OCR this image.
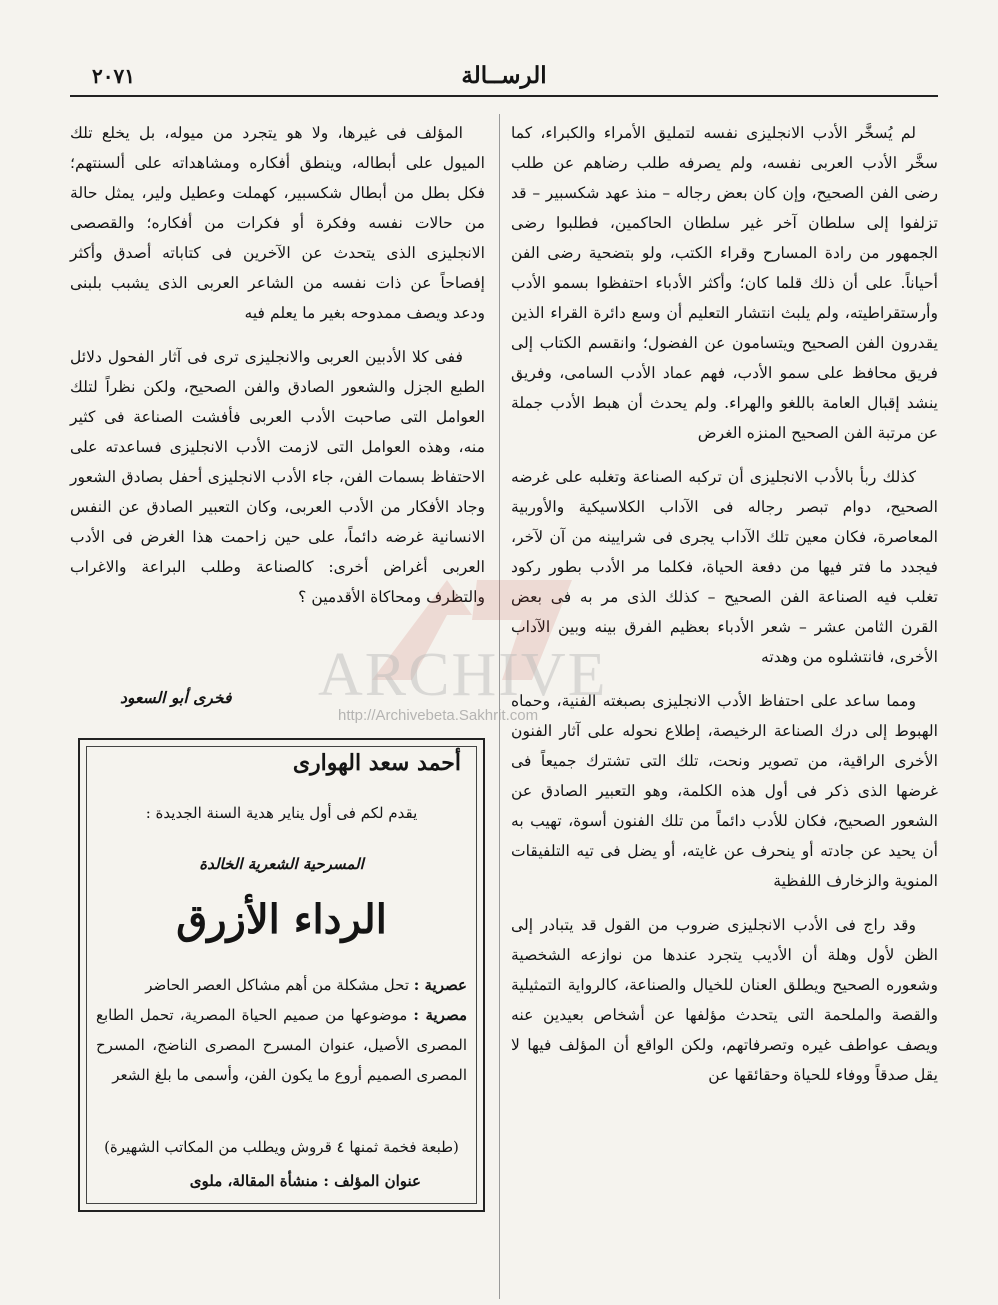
الرســالة
٢٠٧١

لم يُسخَّر الأدب الانجليزى نفسه لتمليق الأمراء والكبراء، كما سخَّر الأدب العربى نفسه، ولم يصرفه طلب رضاهم عن طلب رضى الفن الصحيح، وإن كان بعض رجاله – منذ عهد شكسبير – قد تزلفوا إلى سلطان آخر غير سلطان الحاكمين، فطلبوا رضى الجمهور من رادة المسارح وقراء الكتب، ولو بتضحية رضى الفن أحياناً. على أن ذلك قلما كان؛ وأكثر الأدباء احتفظوا بسمو الأدب وأرستقراطيته، ولم يلبث انتشار التعليم أن وسع دائرة القراء الذين يقدرون الفن الصحيح ويتسامون عن الفضول؛ وانقسم الكتاب إلى فريق محافظ على سمو الأدب، فهم عماد الأدب السامى، وفريق ينشد إقبال العامة باللغو والهراء. ولم يحدث أن هبط الأدب جملة عن مرتبة الفن الصحيح المنزه الغرض

كذلك ربأ بالأدب الانجليزى أن تركبه الصناعة وتغلبه على غرضه الصحيح، دوام تبصر رجاله فى الآداب الكلاسيكية والأوربية المعاصرة، فكان معين تلك الآداب يجرى فى شرايينه من آن لآخر، فيجدد ما فتر فيها من دفعة الحياة، فكلما مر الأدب بطور ركود تغلب فيه الصناعة الفن الصحيح – كذلك الذى مر به فى بعض القرن الثامن عشر – شعر الأدباء بعظيم الفرق بينه وبين الآداب الأخرى، فانتشلوه من وهدته

ومما ساعد على احتفاظ الأدب الانجليزى بصبغته الفنية، وحماه الهبوط إلى درك الصناعة الرخيصة، إطلاع نحوله على آثار الفنون الأخرى الراقية، من تصوير ونحت، تلك التى تشترك جميعاً فى غرضها الذى ذكر فى أول هذه الكلمة، وهو التعبير الصادق عن الشعور الصحيح، فكان للأدب دائماً من تلك الفنون أسوة، تهيب به أن يحيد عن جادته أو ينحرف عن غايته، أو يضل فى تيه التلفيقات المنوية والزخارف اللفظية

وقد راج فى الأدب الانجليزى ضروب من القول قد يتبادر إلى الظن لأول وهلة أن الأديب يتجرد عندها من نوازعه الشخصية وشعوره الصحيح ويطلق العنان للخيال والصناعة، كالرواية التمثيلية والقصة والملحمة التى يتحدث مؤلفها عن أشخاص بعيدين عنه ويصف عواطف غيره وتصرفاتهم، ولكن الواقع أن المؤلف فيها لا يقل صدقاً ووفاء للحياة وحقائقها عن

المؤلف فى غيرها، ولا هو يتجرد من ميوله، بل يخلع تلك الميول على أبطاله، وينطق أفكاره ومشاهداته على ألسنتهم؛ فكل بطل من أبطال شكسبير، كهملت وعطيل ولير، يمثل حالة من حالات نفسه وفكرة أو فكرات من أفكاره؛ والقصصى الانجليزى الذى يتحدث عن الآخرين فى كتاباته أصدق وأكثر إفصاحاً عن ذات نفسه من الشاعر العربى الذى يشبب بلبنى ودعد ويصف ممدوحه بغير ما يعلم فيه

ففى كلا الأدبين العربى والانجليزى ترى فى آثار الفحول دلائل الطبع الجزل والشعور الصادق والفن الصحيح، ولكن نظراً لتلك العوامل التى صاحبت الأدب العربى فأفشت الصناعة فى كثير منه، وهذه العوامل التى لازمت الأدب الانجليزى فساعدته على الاحتفاظ بسمات الفن، جاء الأدب الانجليزى أحفل بصادق الشعور وجاد الأفكار من الأدب العربى، وكان التعبير الصادق عن النفس الانسانية غرضه دائماً، على حين زاحمت هذا الغرض فى الأدب العربى أغراض أخرى: كالصناعة وطلب البراعة والاغراب والتظرف ومحاكاة الأقدمين ؟

فخرى أبو السعود
أحمد سعد الهوارى
يقدم لكم فى أول يناير هدية السنة الجديدة :
المسرحية الشعرية الخالدة
الرداء الأزرق

عصرية : تحل مشكلة من أهم مشاكل العصر الحاضر

مصرية : موضوعها من صميم الحياة المصرية، تحمل الطابع المصرى الأصيل، عنوان المسرح المصرى الناضج، المسرح المصرى الصميم أروع ما يكون الفن، وأسمى ما بلغ الشعر

(طبعة فخمة ثمنها ٤ قروش ويطلب من المكاتب الشهيرة)
عنوان المؤلف : منشأة المقالة، ملوى
ARCHIVE
http://Archivebeta.Sakhrit.com
